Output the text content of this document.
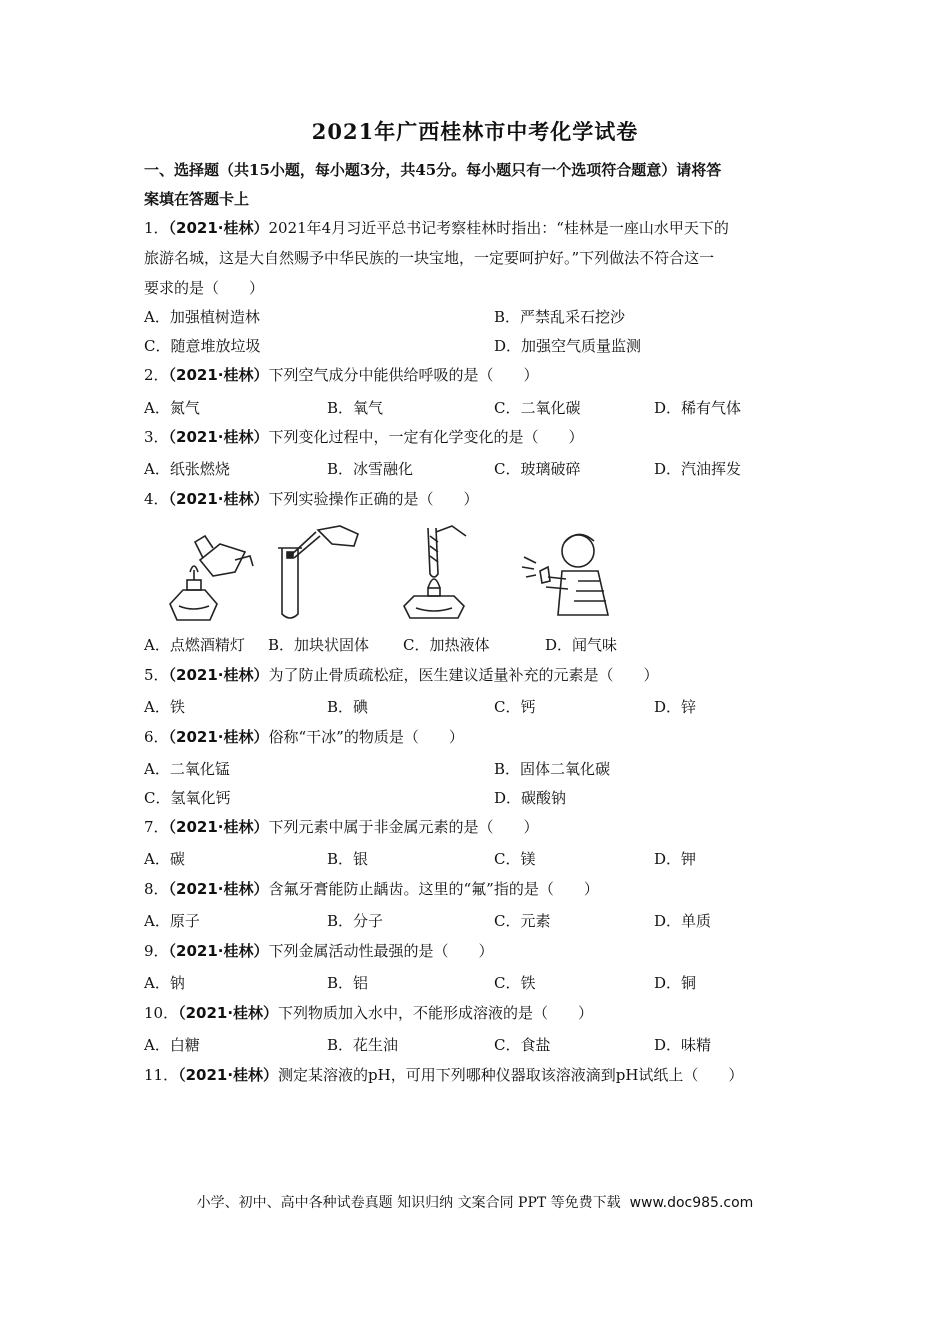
2021年广西桂林市中考化学试卷
一、选择题（共15小题，每小题3分，共45分。每小题只有一个选项符合题意）请将答
案填在答题卡上
1．（2021·桂林）2021年4月习近平总书记考察桂林时指出：“桂林是一座山水甲天下的
旅游名城，这是大自然赐予中华民族的一块宝地，一定要呵护好。”下列做法不符合这一
要求的是（　　）
A．加强植树造林	B．严禁乱采石挖沙
C．随意堆放垃圾	D．加强空气质量监测
2．（2021·桂林）下列空气成分中能供给呼吸的是（　　）
A．氮气	B．氧气	C．二氧化碳	D．稀有气体
3．（2021·桂林）下列变化过程中，一定有化学变化的是（　　）
A．纸张燃烧	B．冰雪融化	C．玻璃破碎	D．汽油挥发
4．（2021·桂林）下列实验操作正确的是（　　）
A．点燃酒精灯 B．加块状固体 C．加热液体	D．闻气味
5．（2021·桂林）为了防止骨质疏松症，医生建议适量补充的元素是（　　）
A．铁	B．碘	C．钙	D．锌
6．（2021·桂林）俗称“干冰”的物质是（　　）
A．二氧化锰	B．固体二氧化碳
C．氢氧化钙	D．碳酸钠
7．（2021·桂林）下列元素中属于非金属元素的是（　　）
A．碳	B．银	C．镁	D．钾
8．（2021·桂林）含氟牙膏能防止龋齿。这里的“氟”指的是（　　）
A．原子	B．分子	C．元素	D．单质
9．（2021·桂林）下列金属活动性最强的是（　　）
A．钠	B．铝	C．铁	D．铜
10．（2021·桂林）下列物质加入水中，不能形成溶液的是（　　）
A．白糖	B．花生油	C．食盐	D．味精
11．（2021·桂林）测定某溶液的pH，可用下列哪种仪器取该溶液滴到pH试纸上（　　）
小学、初中、高中各种试卷真题 知识归纳 文案合同 PPT 等免费下载 www.doc985.com
